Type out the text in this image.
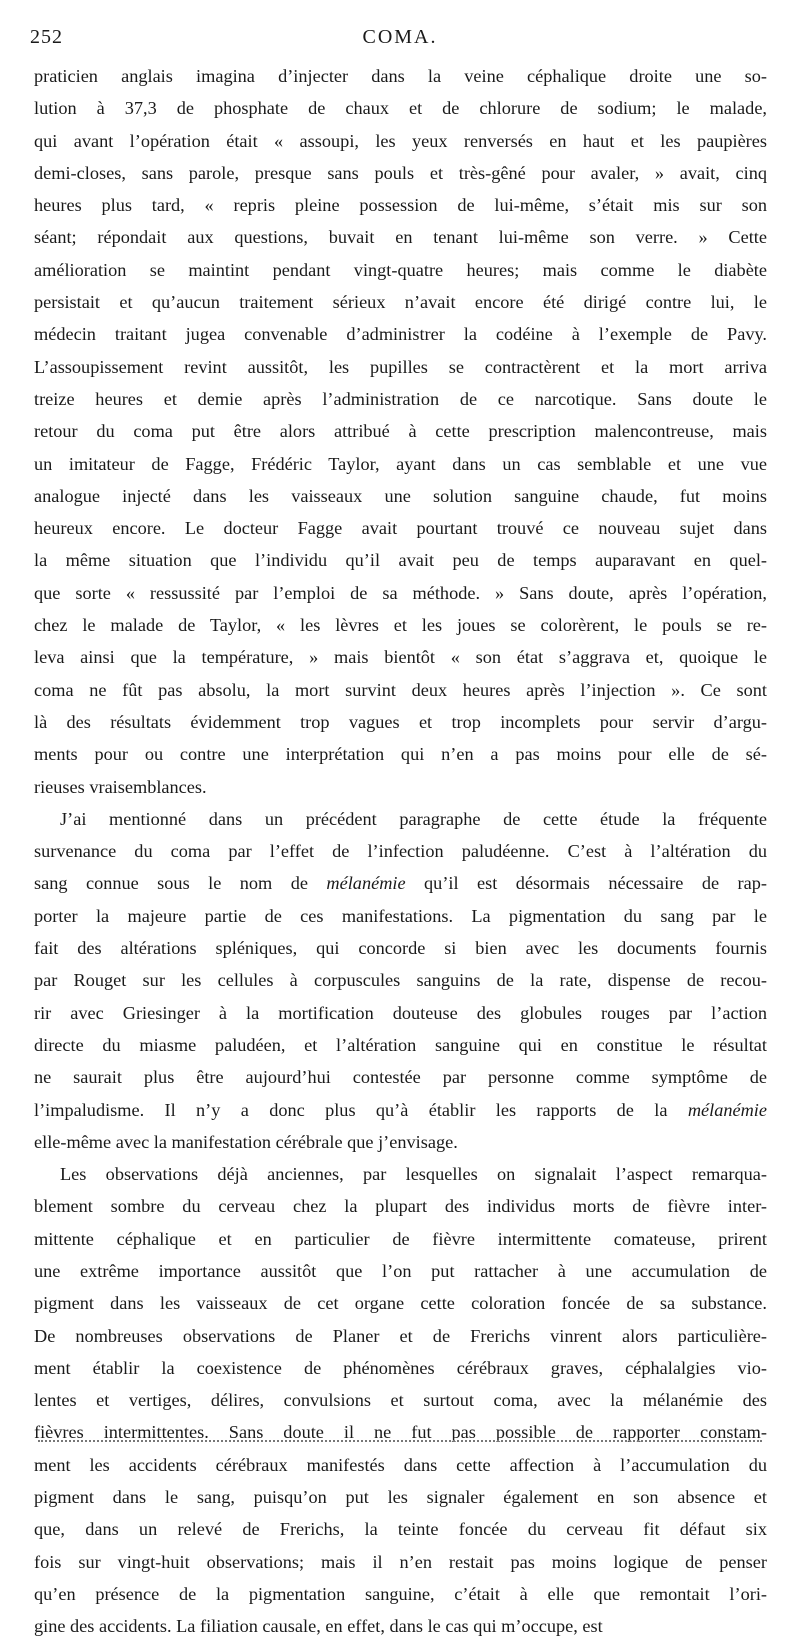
252	COMA.
praticien anglais imagina d’injecter dans la veine céphalique droite une so-
lution à 37,3 de phosphate de chaux et de chlorure de sodium; le malade,
qui avant l’opération était « assoupi, les yeux renversés en haut et les paupières
demi-closes, sans parole, presque sans pouls et très-gêné pour avaler, » avait, cinq
heures plus tard, « repris pleine possession de lui-même, s’était mis sur son
séant; répondait aux questions, buvait en tenant lui-même son verre. » Cette
amélioration se maintint pendant vingt-quatre heures; mais comme le diabète
persistait et qu’aucun traitement sérieux n’avait encore été dirigé contre lui, le
médecin traitant jugea convenable d’administrer la codéine à l’exemple de Pavy.
L’assoupissement revint aussitôt, les pupilles se contractèrent et la mort arriva
treize heures et demie après l’administration de ce narcotique. Sans doute le
retour du coma put être alors attribué à cette prescription malencontreuse, mais
un imitateur de Fagge, Frédéric Taylor, ayant dans un cas semblable et une vue
analogue injecté dans les vaisseaux une solution sanguine chaude, fut moins
heureux encore. Le docteur Fagge avait pourtant trouvé ce nouveau sujet dans
la même situation que l’individu qu’il avait peu de temps auparavant en quel-
que sorte « ressussité par l’emploi de sa méthode. » Sans doute, après l’opération,
chez le malade de Taylor, « les lèvres et les joues se colorèrent, le pouls se re-
leva ainsi que la température, » mais bientôt « son état s’aggrava et, quoique le
coma ne fût pas absolu, la mort survint deux heures après l’injection ». Ce sont
là des résultats évidemment trop vagues et trop incomplets pour servir d’argu-
ments pour ou contre une interprétation qui n’en a pas moins pour elle de sé-
rieuses vraisemblances.
J’ai mentionné dans un précédent paragraphe de cette étude la fréquente
survenance du coma par l’effet de l’infection paludéenne. C’est à l’altération du
sang connue sous le nom de mélanémie qu’il est désormais nécessaire de rap-
porter la majeure partie de ces manifestations. La pigmentation du sang par le
fait des altérations spléniques, qui concorde si bien avec les documents fournis
par Rouget sur les cellules à corpuscules sanguins de la rate, dispense de recou-
rir avec Griesinger à la mortification douteuse des globules rouges par l’action
directe du miasme paludéen, et l’altération sanguine qui en constitue le résultat
ne saurait plus être aujourd’hui contestée par personne comme symptôme de
l’impaludisme. Il n’y a donc plus qu’à établir les rapports de la mélanémie
elle-même avec la manifestation cérébrale que j’envisage.
Les observations déjà anciennes, par lesquelles on signalait l’aspect remarqua-
blement sombre du cerveau chez la plupart des individus morts de fièvre inter-
mittente céphalique et en particulier de fièvre intermittente comateuse, prirent
une extrême importance aussitôt que l’on put rattacher à une accumulation de
pigment dans les vaisseaux de cet organe cette coloration foncée de sa substance.
De nombreuses observations de Planer et de Frerichs vinrent alors particulière-
ment établir la coexistence de phénomènes cérébraux graves, céphalalgies vio-
lentes et vertiges, délires, convulsions et surtout coma, avec la mélanémie des
fièvres intermittentes. Sans doute il ne fut pas possible de rapporter constam-
ment les accidents cérébraux manifestés dans cette affection à l’accumulation du
pigment dans le sang, puisqu’on put les signaler également en son absence et
que, dans un relevé de Frerichs, la teinte foncée du cerveau fit défaut six
fois sur vingt-huit observations; mais il n’en restait pas moins logique de penser
qu’en présence de la pigmentation sanguine, c’était à elle que remontait l’ori-
gine des accidents. La filiation causale, en effet, dans le cas qui m’occupe, est
